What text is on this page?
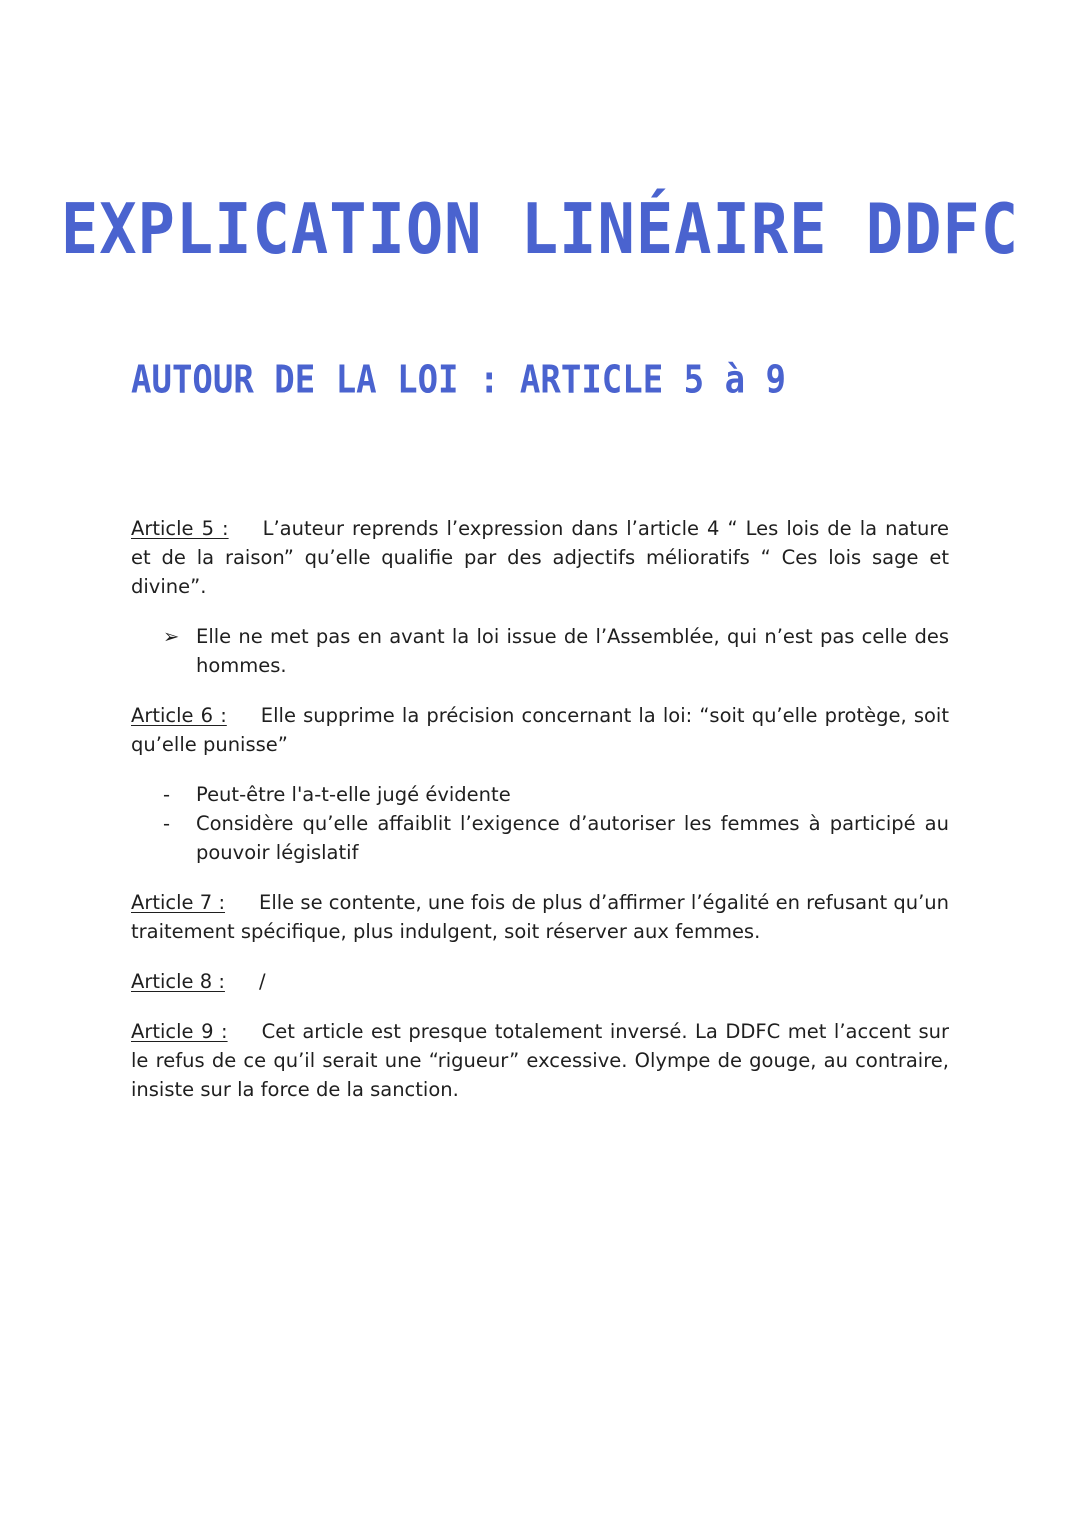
EXPLICATION LINÉAIRE DDFC
AUTOUR DE LA LOI : ARTICLE 5 à 9

Article 5 : L’auteur reprends l’expression dans l’article 4 “ Les lois de la nature et de la raison” qu’elle qualifie par des adjectifs mélioratifs “ Ces lois sage et divine”.

➢ Elle ne met pas en avant la loi issue de l’Assemblée, qui n’est pas celle des hommes.

Article 6 : Elle supprime la précision concernant la loi: “soit qu’elle protège, soit qu’elle punisse”

- Peut-être l'a-t-elle jugé évidente
- Considère qu’elle affaiblit l’exigence d’autoriser les femmes à participé au pouvoir législatif

Article 7 : Elle se contente, une fois de plus d’affirmer l’égalité en refusant qu’un traitement spécifique, plus indulgent, soit réserver aux femmes.

Article 8 : /

Article 9 : Cet article est presque totalement inversé. La DDFC met l’accent sur le refus de ce qu’il serait une “rigueur” excessive. Olympe de gouge, au contraire, insiste sur la force de la sanction.
